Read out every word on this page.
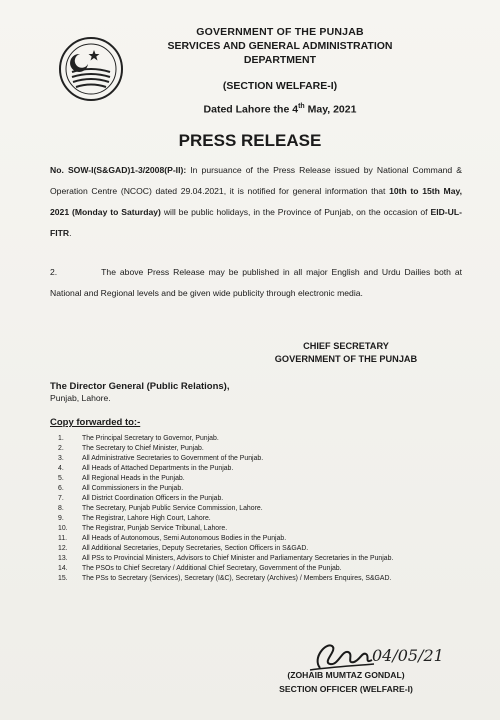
GOVERNMENT OF THE PUNJAB
SERVICES AND GENERAL ADMINISTRATION
DEPARTMENT
(SECTION WELFARE-I)
Dated Lahore the 4th May, 2021
PRESS RELEASE
No. SOW-I(S&GAD)1-3/2008(P-II): In pursuance of the Press Release issued by National Command & Operation Centre (NCOC) dated 29.04.2021, it is notified for general information that 10th to 15th May, 2021 (Monday to Saturday) will be public holidays, in the Province of Punjab, on the occasion of EID-UL-FITR.
2.	The above Press Release may be published in all major English and Urdu Dailies both at National and Regional levels and be given wide publicity through electronic media.
CHIEF SECRETARY
GOVERNMENT OF THE PUNJAB
The Director General (Public Relations),
Punjab, Lahore.
Copy forwarded to:-
1.	The Principal Secretary to Governor, Punjab.
2.	The Secretary to Chief Minister, Punjab.
3.	All Administrative Secretaries to Government of the Punjab.
4.	All Heads of Attached Departments in the Punjab.
5.	All Regional Heads in the Punjab.
6.	All Commissioners in the Punjab.
7.	All District Coordination Officers in the Punjab.
8.	The Secretary, Punjab Public Service Commission, Lahore.
9.	The Registrar, Lahore High Court, Lahore.
10.	The Registrar, Punjab Service Tribunal, Lahore.
11.	All Heads of Autonomous, Semi Autonomous Bodies in the Punjab.
12.	All Additional Secretaries, Deputy Secretaries, Section Officers in S&GAD.
13.	All PSs to Provincial Ministers, Advisors to Chief Minister and Parliamentary Secretaries in the Punjab.
14.	The PSOs to Chief Secretary / Additional Chief Secretary, Government of the Punjab.
15.	The PSs to Secretary (Services), Secretary (I&C), Secretary (Archives) / Members Enquires, S&GAD.
04/05/21
(ZOHAIB MUMTAZ GONDAL)
SECTION OFFICER (WELFARE-I)
